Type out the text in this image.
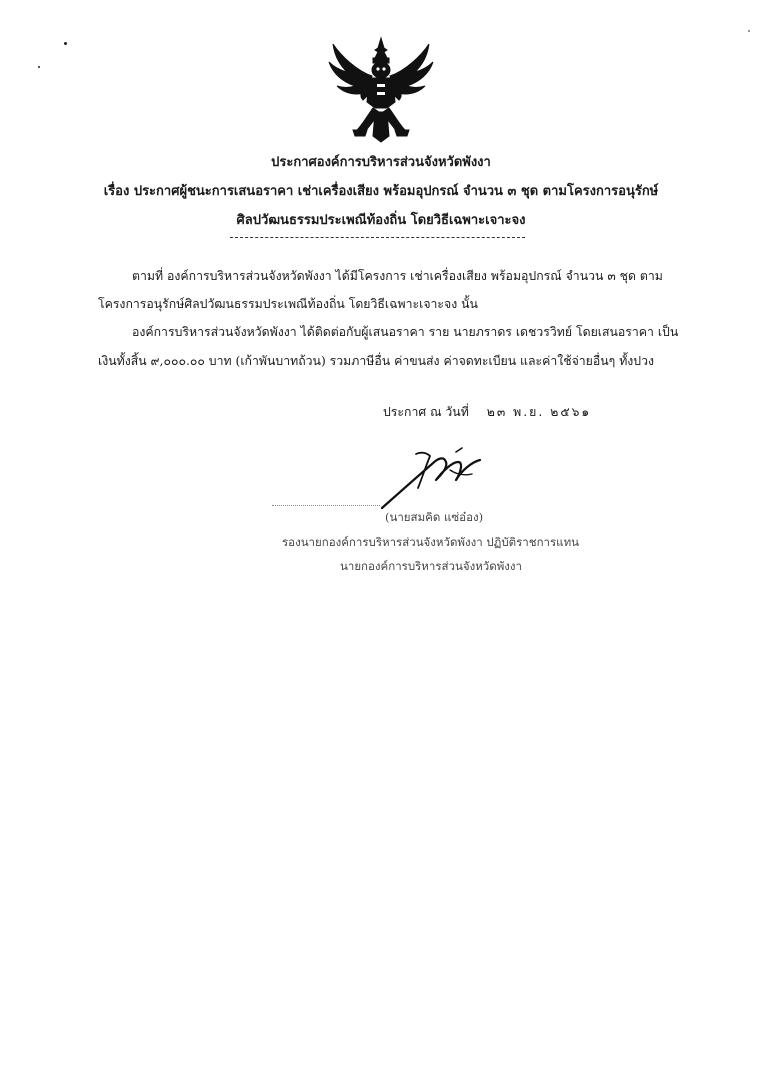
ประกาศองค์การบริหารส่วนจังหวัดพังงา
เรื่อง ประกาศผู้ชนะการเสนอราคา เช่าเครื่องเสียง พร้อมอุปกรณ์ จำนวน ๓ ชุด ตามโครงการอนุรักษ์
ศิลปวัฒนธรรมประเพณีท้องถิ่น โดยวิธีเฉพาะเจาะจง
ตามที่ องค์การบริหารส่วนจังหวัดพังงา ได้มีโครงการ เช่าเครื่องเสียง พร้อมอุปกรณ์ จำนวน ๓ ชุด ตาม
โครงการอนุรักษ์ศิลปวัฒนธรรมประเพณีท้องถิ่น โดยวิธีเฉพาะเจาะจง นั้น
องค์การบริหารส่วนจังหวัดพังงา ได้ติดต่อกับผู้เสนอราคา ราย นายภราดร เดชวรวิทย์ โดยเสนอราคา เป็น
เงินทั้งสิ้น ๙,๐๐๐.๐๐ บาท (เก้าพันบาทถ้วน) รวมภาษีอื่น ค่าขนส่ง ค่าจดทะเบียน และค่าใช้จ่ายอื่นๆ ทั้งปวง
ประกาศ ณ วันที่ ๒๓ พ.ย. ๒๕๖๑
(นายสมคิด แซ่อ๋อง)
รองนายกองค์การบริหารส่วนจังหวัดพังงา ปฏิบัติราชการแทน
นายกองค์การบริหารส่วนจังหวัดพังงา
